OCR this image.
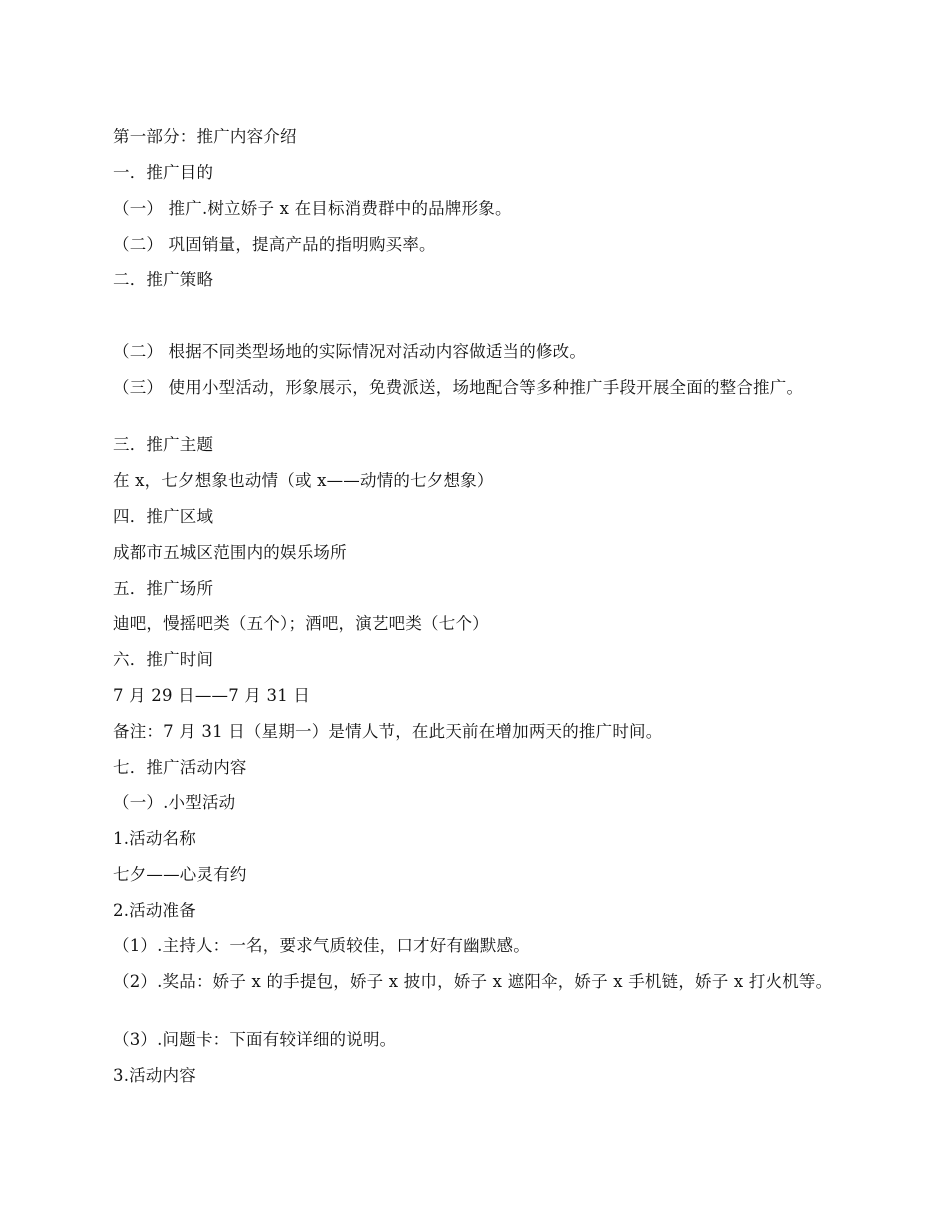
第一部分：推广内容介绍
一．推广目的
（一） 推广.树立娇子 x 在目标消费群中的品牌形象。
（二） 巩固销量，提高产品的指明购买率。
二．推广策略
（二） 根据不同类型场地的实际情况对活动内容做适当的修改。
（三） 使用小型活动，形象展示，免费派送，场地配合等多种推广手段开展全面的整合推广。
三．推广主题
在 x，七夕想象也动情（或 x——动情的七夕想象）
四．推广区域
成都市五城区范围内的娱乐场所
五．推广场所
迪吧，慢摇吧类（五个）；酒吧，演艺吧类（七个）
六．推广时间
7 月 29 日——7 月 31 日
备注：7 月 31 日（星期一）是情人节，在此天前在增加两天的推广时间。
七．推广活动内容
（一）.小型活动
1.活动名称
七夕——心灵有约
2.活动准备
（1）.主持人：一名，要求气质较佳，口才好有幽默感。
（2）.奖品：娇子 x 的手提包，娇子 x 披巾，娇子 x 遮阳伞，娇子 x 手机链，娇子 x 打火机等。
（3）.问题卡：下面有较详细的说明。
3.活动内容
